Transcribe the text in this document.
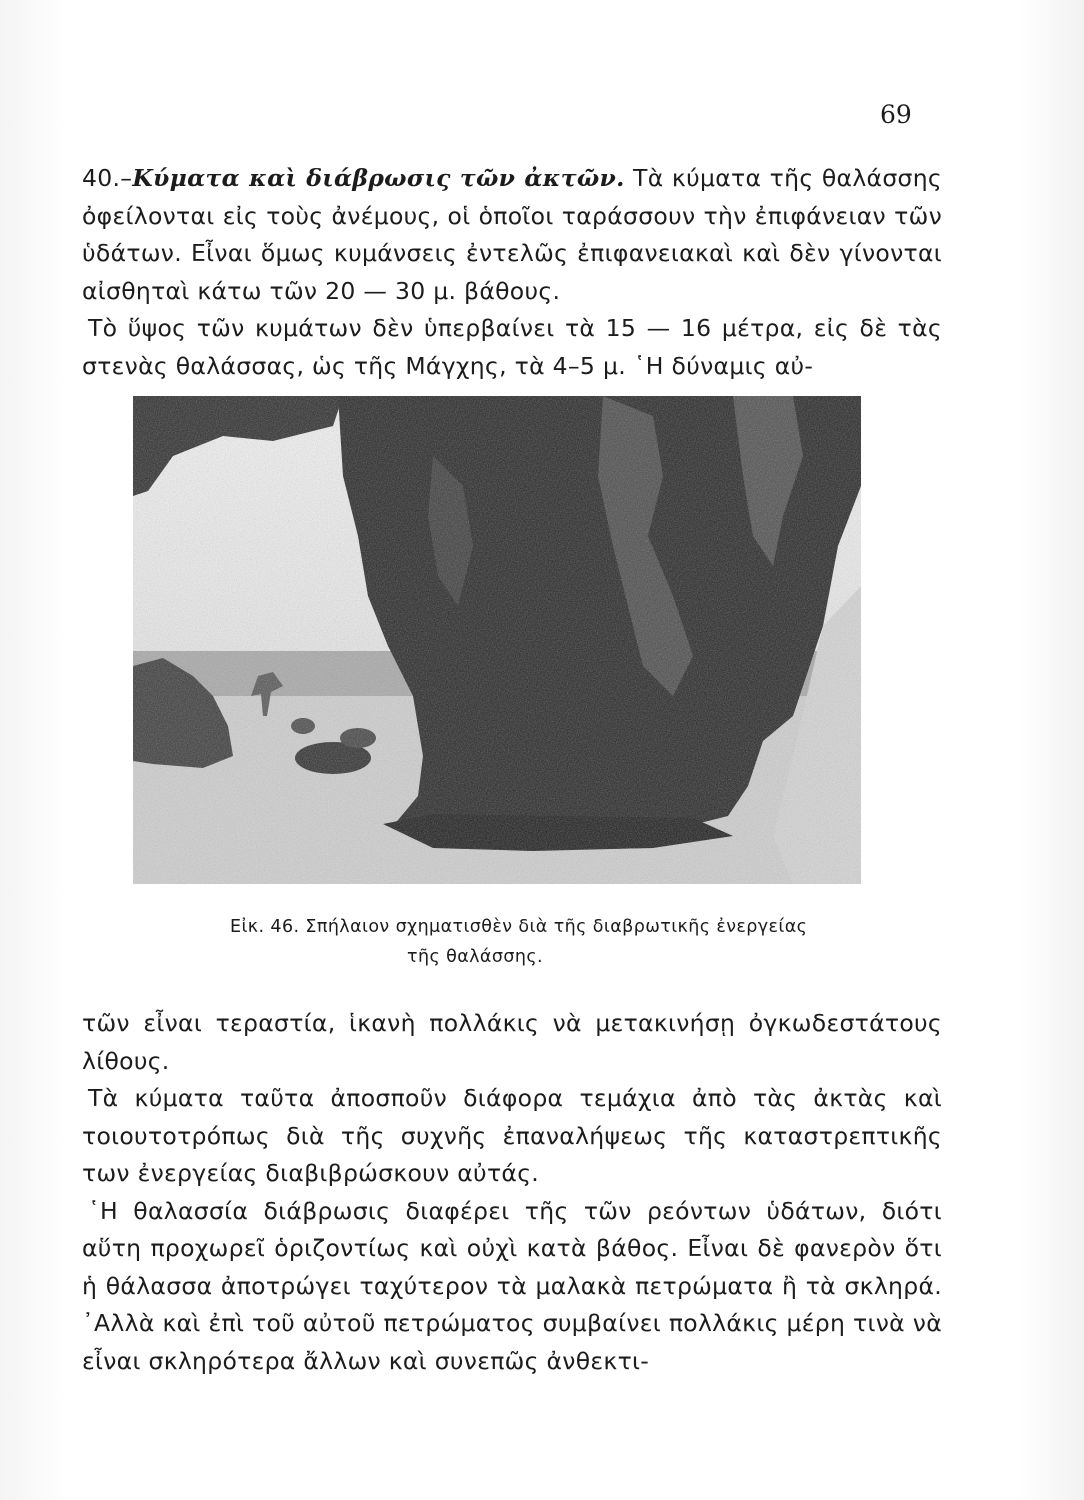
69

40.–Κύματα καὶ διάβρωσις τῶν ἀκτῶν. Τὰ κύματα τῆς θαλάσσης ὀφείλονται εἰς τοὺς ἀνέμους, οἱ ὁποῖοι ταράσσουν τὴν ἐπιφάνειαν τῶν ὑδάτων. Εἶναι ὅμως κυμάνσεις ἐντελῶς ἐπιφανειακαὶ καὶ δὲν γίνονται αἰσθηταὶ κάτω τῶν 20 — 30 μ. βάθους.

Τὸ ὕψος τῶν κυμάτων δὲν ὑπερβαίνει τὰ 15 — 16 μέτρα, εἰς δὲ τὰς στενὰς θαλάσσας, ὡς τῆς Μάγχης, τὰ 4–5 μ. ῾Η δύναμις αὐ-

Εἰκ. 46. Σπήλαιον σχηματισθὲν διὰ τῆς διαβρωτικῆς ἐνεργείας
τῆς θαλάσσης.

τῶν εἶναι τεραστία, ἱκανὴ πολλάκις νὰ μετακινήσῃ ὀγκωδεστάτους λίθους.

Τὰ κύματα ταῦτα ἀποσποῦν διάφορα τεμάχια ἀπὸ τὰς ἀκτὰς καὶ τοιουτοτρόπως διὰ τῆς συχνῆς ἐπαναλήψεως τῆς καταστρεπτικῆς των ἐνεργείας διαβιβρώσκουν αὐτάς.

῾Η θαλασσία διάβρωσις διαφέρει τῆς τῶν ρεόντων ὑδάτων, διότι αὕτη προχωρεῖ ὁριζοντίως καὶ οὐχὶ κατὰ βάθος. Εἶναι δὲ φανερὸν ὅτι ἡ θάλασσα ἀποτρώγει ταχύτερον τὰ μαλακὰ πετρώματα ἢ τὰ σκληρά. ᾿Αλλὰ καὶ ἐπὶ τοῦ αὐτοῦ πετρώματος συμβαίνει πολλάκις μέρη τινὰ νὰ εἶναι σκληρότερα ἄλλων καὶ συνεπῶς ἀνθεκτι-
